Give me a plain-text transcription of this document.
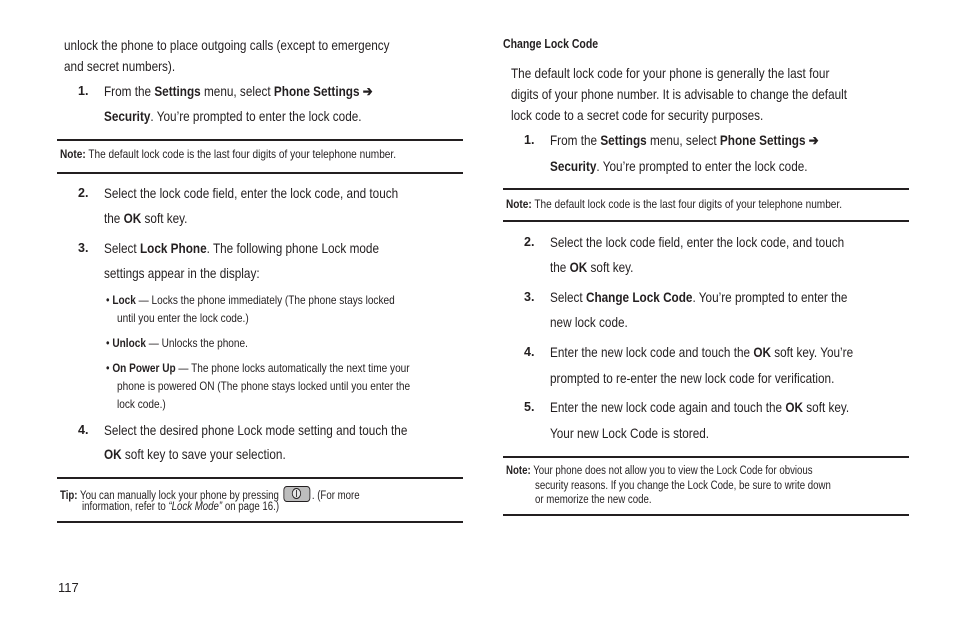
unlock the phone to place outgoing calls (except to emergency
and secret numbers).
1. From the Settings menu, select Phone Settings ➔
Security. You’re prompted to enter the lock code.
Note: The default lock code is the last four digits of your telephone number.
2. Select the lock code field, enter the lock code, and touch
the OK soft key.
3. Select Lock Phone. The following phone Lock mode
settings appear in the display:
• Lock — Locks the phone immediately (The phone stays locked
until you enter the lock code.)
• Unlock — Unlocks the phone.
• On Power Up — The phone locks automatically the next time your
phone is powered ON (The phone stays locked until you enter the
lock code.)
4. Select the desired phone Lock mode setting and touch the
OK soft key to save your selection.
Tip: You can manually lock your phone by pressing	. (For more
information, refer to “Lock Mode” on page 16.)
Change Lock Code
The default lock code for your phone is generally the last four
digits of your phone number. It is advisable to change the default
lock code to a secret code for security purposes.
1. From the Settings menu, select Phone Settings ➔
Security. You’re prompted to enter the lock code.
Note: The default lock code is the last four digits of your telephone number.
2. Select the lock code field, enter the lock code, and touch
the OK soft key.
3. Select Change Lock Code. You’re prompted to enter the
new lock code.
4. Enter the new lock code and touch the OK soft key. You’re
prompted to re-enter the new lock code for verification.
5. Enter the new lock code again and touch the OK soft key.
Your new Lock Code is stored.
Note: Your phone does not allow you to view the Lock Code for obvious
security reasons. If you change the Lock Code, be sure to write down
or memorize the new code.
117
